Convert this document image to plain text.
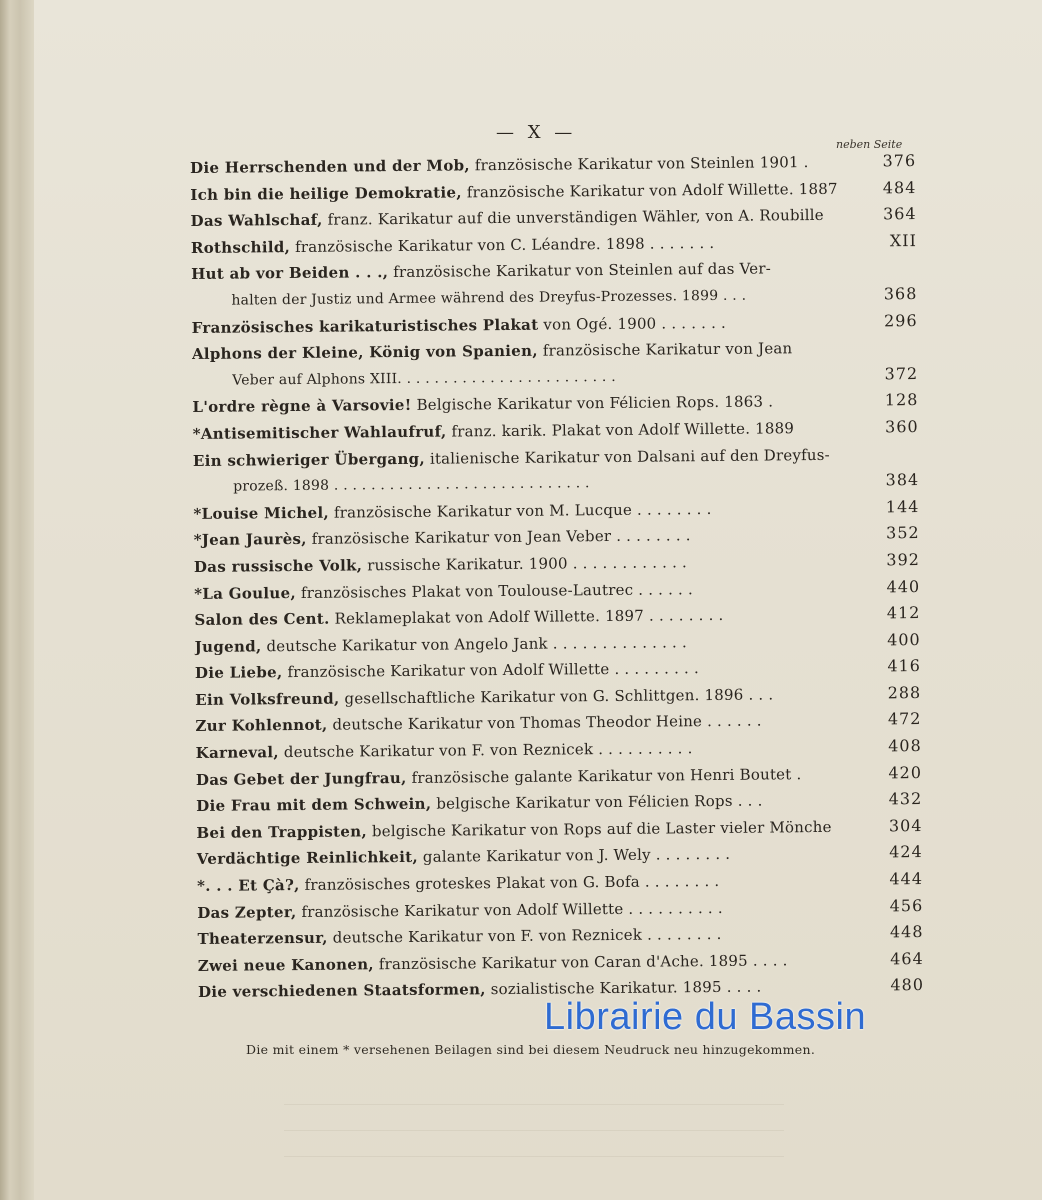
— X —
neben Seite
Die Herrschenden und der Mob, französische Karikatur von Steinlen 1901 .	376
Ich bin die heilige Demokratie, französische Karikatur von Adolf Willette. 1887	484
Das Wahlschaf, franz. Karikatur auf die unverständigen Wähler, von A. Roubille	364
Rothschild, französische Karikatur von C. Léandre. 1898 . . . . . . .	XII
Hut ab vor Beiden . . ., französische Karikatur von Steinlen auf das Ver-
halten der Justiz und Armee während des Dreyfus-Prozesses. 1899 . . .	368
Französisches karikaturistisches Plakat von Ogé. 1900 . . . . . . .	296
Alphons der Kleine, König von Spanien, französische Karikatur von Jean
Veber auf Alphons XIII. . . . . . . . . . . . . . . . . . . . . . . .	372
L'ordre règne à Varsovie! Belgische Karikatur von Félicien Rops. 1863 .	128
*Antisemitischer Wahlaufruf, franz. karik. Plakat von Adolf Willette. 1889	360
Ein schwieriger Übergang, italienische Karikatur von Dalsani auf den Dreyfus-
prozeß. 1898 . . . . . . . . . . . . . . . . . . . . . . . . . . . .	384
*Louise Michel, französische Karikatur von M. Lucque . . . . . . . .	144
*Jean Jaurès, französische Karikatur von Jean Veber . . . . . . . .	352
Das russische Volk, russische Karikatur. 1900 . . . . . . . . . . . .	392
*La Goulue, französisches Plakat von Toulouse-Lautrec . . . . . .	440
Salon des Cent. Reklameplakat von Adolf Willette. 1897 . . . . . . . .	412
Jugend, deutsche Karikatur von Angelo Jank . . . . . . . . . . . . . .	400
Die Liebe, französische Karikatur von Adolf Willette . . . . . . . . .	416
Ein Volksfreund, gesellschaftliche Karikatur von G. Schlittgen. 1896 . . .	288
Zur Kohlennot, deutsche Karikatur von Thomas Theodor Heine . . . . . .	472
Karneval, deutsche Karikatur von F. von Reznicek . . . . . . . . . .	408
Das Gebet der Jungfrau, französische galante Karikatur von Henri Boutet .	420
Die Frau mit dem Schwein, belgische Karikatur von Félicien Rops . . .	432
Bei den Trappisten, belgische Karikatur von Rops auf die Laster vieler Mönche	304
Verdächtige Reinlichkeit, galante Karikatur von J. Wely . . . . . . . .	424
*. . . Et Çà?, französisches groteskes Plakat von G. Bofa . . . . . . . .	444
Das Zepter, französische Karikatur von Adolf Willette . . . . . . . . . .	456
Theaterzensur, deutsche Karikatur von F. von Reznicek . . . . . . . .	448
Zwei neue Kanonen, französische Karikatur von Caran d'Ache. 1895 . . . .	464
Die verschiedenen Staatsformen, sozialistische Karikatur. 1895 . . . .	480
Die mit einem * versehenen Beilagen sind bei diesem Neudruck neu hinzugekommen.
Librairie du Bassin
